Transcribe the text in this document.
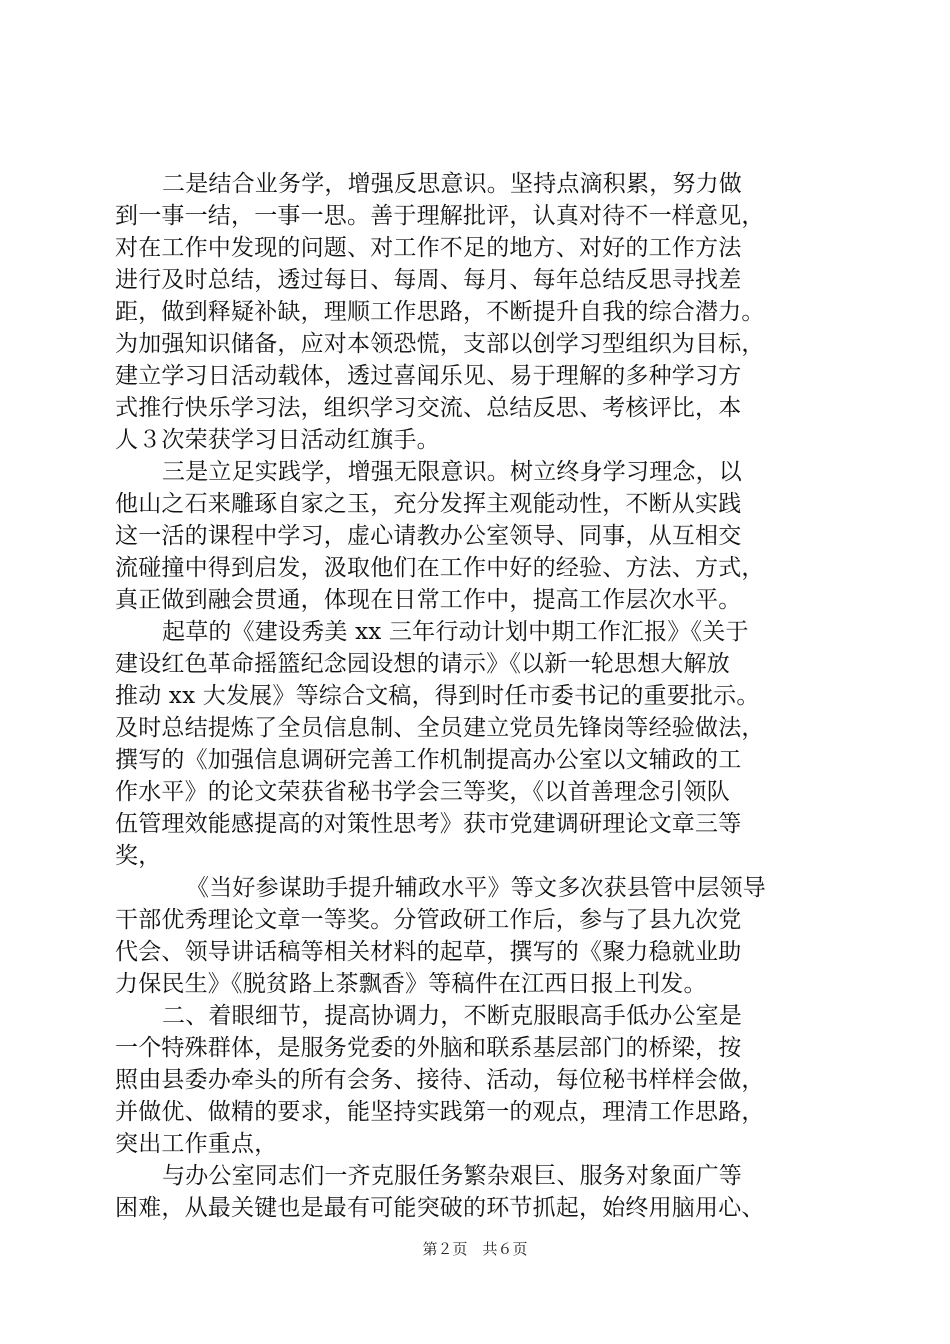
二是结合业务学，增强反思意识。坚持点滴积累，努力做
到一事一结，一事一思。善于理解批评，认真对待不一样意见，
对在工作中发现的问题、对工作不足的地方、对好的工作方法
进行及时总结，透过每日、每周、每月、每年总结反思寻找差
距，做到释疑补缺，理顺工作思路，不断提升自我的综合潜力。
为加强知识储备，应对本领恐慌，支部以创学习型组织为目标，
建立学习日活动载体，透过喜闻乐见、易于理解的多种学习方
式推行快乐学习法，组织学习交流、总结反思、考核评比，本
人３次荣获学习日活动红旗手。
三是立足实践学，增强无限意识。树立终身学习理念，以
他山之石来雕琢自家之玉，充分发挥主观能动性，不断从实践
这一活的课程中学习，虚心请教办公室领导、同事，从互相交
流碰撞中得到启发，汲取他们在工作中好的经验、方法、方式，
真正做到融会贯通，体现在日常工作中，提高工作层次水平。
起草的《建设秀美 xx 三年行动计划中期工作汇报》《关于
建设红色革命摇篮纪念园设想的请示》《以新一轮思想大解放
推动 xx 大发展》等综合文稿，得到时任市委书记的重要批示。
及时总结提炼了全员信息制、全员建立党员先锋岗等经验做法，
撰写的《加强信息调研完善工作机制提高办公室以文辅政的工
作水平》的论文荣获省秘书学会三等奖，《以首善理念引领队
伍管理效能感提高的对策性思考》获市党建调研理论文章三等
奖，
《当好参谋助手提升辅政水平》等文多次获县管中层领导
干部优秀理论文章一等奖。分管政研工作后，参与了县九次党
代会、领导讲话稿等相关材料的起草，撰写的《聚力稳就业助
力保民生》《脱贫路上茶飘香》等稿件在江西日报上刊发。
二、着眼细节，提高协调力，不断克服眼高手低办公室是
一个特殊群体，是服务党委的外脑和联系基层部门的桥梁，按
照由县委办牵头的所有会务、接待、活动，每位秘书样样会做，
并做优、做精的要求，能坚持实践第一的观点，理清工作思路，
突出工作重点，
与办公室同志们一齐克服任务繁杂艰巨、服务对象面广等
困难，从最关键也是最有可能突破的环节抓起，始终用脑用心、
第２页　共６页
